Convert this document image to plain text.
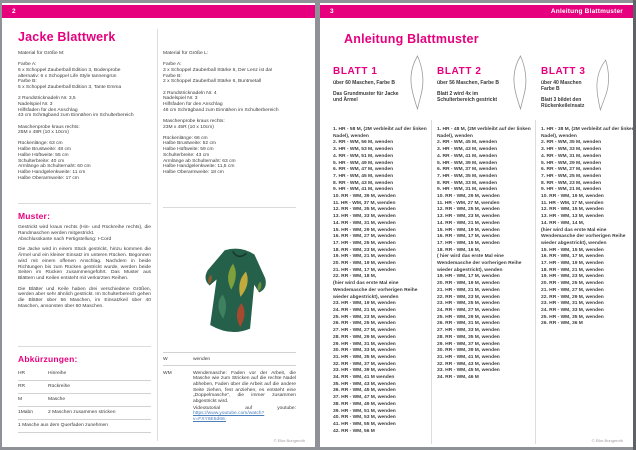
2
Jacke Blattwerk
Material für Größe M:
Farbe A:
6 x Schoppel Zauberball Edition 3, Bodenprobe
alternativ: 6 x Schoppel Life Style tannengrün
Farbe B:
5 x Schoppel Zauberball Edition 3, Tante Emma
2 Rundstricknadeln Nr. 3,5
Nadelspiel Nr. 3
Hilfsfaden für den Anschlag
43 cm Schrägband zum Einnähen im Schulterbereich
Maschenprobe kraus rechts:
25M x 48R (10 x 10cm)
Rückenlänge: 63 cm
Halbe Brustweite: 48 cm
Halbe Hüftweite: 55 cm
Schulterbreite: 40 cm
Armlänge ab Schulternaht: 60 cm
Halbe Handgelenkweite: 11 cm
Halbe Oberarmweite: 17 cm
Muster:

Gestrickt wird kraus rechts (Hin- und Rückreihe rechts), die Randmaschen werden mitgestrickt.

Abschlusskante nach Fertigstellung: I-Cord

Die Jacke wird in einem Stück gestrickt, hinzu kommen die Ärmel und ein kleiner Einsatz im unteren Rücken. Begonnen wird mit einem offenen Anschlag. Nachdem in beide Richtungen bis zum Rücken gestrickt wurde, werden beide Seiten im Rücken zusammengeführt. Das Muster aus Blättern und Keilen entsteht mit verkürzten Reihen.

Die Blätter und Keile haben drei verschiedene Größen, werden aber sehr ähnlich gestrickt. Im Schulterbereich gehen die Blätter über 56 Maschen, im Einsatzkeil über 40 Maschen, ansonsten über 60 Maschen.

Abkürzungen:
HR	Hinreihe
RR	Rückreihe
M	Masche
1Mabn	2 Maschen zusammen stricken
1 Masche aus dem Querfaden zunehmen
Material für Größe L:
Farbe A:
3 x Schoppel Zauberball Stärke 6, Der Lenz ist da!
Farbe B:
2 x Schoppel Zauberball Stärke 6, Buntmetall
2 Rundstricknadeln Nr. 4
Nadelspiel Nr. 3
Hilfsfaden für den Anschlag
46 cm Schrägband zum Einnähen im Schulterbereich
Maschenprobe kraus rechts:
23M x 45R (10 x 10cm)
Rückenlänge: 66 cm
Halbe Brustweite: 52 cm
Halbe Hüftweite: 59 cm
Schulterbreite: 43 cm
Armlänge ab Schulternaht: 63 cm
Halbe Handgelenkweite: 11,5 cm
Halbe Oberarmweite: 18 cm
W	wenden
WM	Wendemasche: Faden vor der Arbeit, die Masche wie zum Stricken auf die rechte Nadel abheben, Faden über die Arbeit auf die andere Seite ziehen, fest anziehen, es entsteht eine „Doppelmasche“, die immer zusammen abgestrickt wird.
Videotutorial auf youtube: https://www.youtube.com/watch?v=FXY6E5d68.
© Elke Bungeroth
3	Anleitung Blattmuster
Anleitung Blattmuster
BLATT 1
über 60 Maschen, Farbe B
Das Grundmuster für Jacke
und Ärmel
1. HR - 58 M, (2M verbleibt auf der linken Nadel), wenden
2. RR - WM, 56 M, wenden
3. HR - WM, 53 M, wenden
4. RR - WM, 51 M, wenden
5. HR - WM, 49 M, wenden
6. RR - WM, 47 M, wenden
7. HR - WM, 45 M, wenden
8. RR - WM, 43 M, wenden
9. HR - WM, 41 M, wenden
10. RR - WM, 39 M, wenden
11. HR - WM, 37 M, wenden
12. RR - WM, 35 M, wenden
13. HR - WM, 33 M, wenden
14. RR - WM, 31 M, wenden
15. HR - WM, 29 M, wenden
16. RR - WM, 27 M, wenden
17. HR - WM, 25 M, wenden
18. RR - WM, 23 M, wenden
19. HR - WM, 21 M, wenden
20. RR - WM, 19 M, wenden
21. HR - WM, 17 M, wenden
22. RR - WM, 18 M,
(hier wird das erste Mal eine Wendemasche der vorherigen Reihe wieder abgestrickt), wenden
23. HR - WM, 19 M, wenden
24. RR - WM, 21 M, wenden
25. HR - WM, 23 M, wenden
26. RR - WM, 25 M, wenden
27. HR - WM, 27 M, wenden
28. RR - WM, 29 M, wenden
29. HR - WM, 31 M, wenden
30. RR - WM, 33 M, wenden
31. HR - WM, 35 M, wenden
32. RR - WM, 37 M, wenden
33. HR - WM, 39 M, wenden
34. RR - WM, 41 M wenden
35. HR - WM, 43 M, wenden
36. RR - WM, 45 M, wenden
37. HR - WM, 47 M, wenden
38. RR - WM, 49 M, wenden
39. HR - WM, 51 M, wenden
40. RR - WM, 53 M, wenden
41. HR - WM, 55 M, wenden
42. RR - WM, 56 M
BLATT 2
über 56 Maschen, Farbe B
Blatt 2 wird 4x im
Schulterbereich gestrickt
1. HR - 48 M, (2M verbleibt auf der linken Nadel), wenden
2. RR - WM, 45 M, wenden
3. HR - WM, 43 M, wenden
4. RR - WM, 41 M, wenden
5. HR - WM, 39 M, wenden
6. RR - WM, 37 M, wenden
7. HR - WM, 35 M, wenden
8. RR - WM, 33 M, wenden
9. HR - WM, 31 M, wenden
10. RR - WM, 29 M, wenden
11. HR - WM, 27 M, wenden
12. RR - WM, 25 M, wenden
13. HR - WM, 23 M, wenden
14. RR - WM, 21 M, wenden
15. HR - WM, 19 M, wenden
16. RR - WM, 17 M, wenden
17. HR - WM, 15 M, wenden
18. RR - WM, 16 M,
( hier wird das erste Mal eine Wendemasche der vorherigen Reihe wieder abgestrickt), wenden
19. HR - WM, 17 M, wenden
20. RR - WM, 19 M, wenden
21. HR - WM, 21 M, wenden
22. RR - WM, 23 M, wenden
23. HR - WM, 25 M, wenden
24. RR - WM, 27 M, wenden
25. HR - WM, 29 M, wenden
26. RR - WM, 31 M, wenden
27. HR - WM, 33 M, wenden
28. RR - WM, 35 M, wenden
29. HR - WM, 37 M, wenden
30. RR - WM, 39 M, wenden
31. HR - WM, 41 M, wenden
32. RR - WM, 43 M, wenden
33. HR - WM, 45 M, wenden
34. RR - WM, 46 M
BLATT 3
über 40 Maschen
Farbe B
Blatt 3 bildet den
Rückenkeileinsatz
1. HR - 38 M, (2M verbleibt auf der linken Nadel), wenden
2. RR - WM, 35 M, wenden
3. HR - WM, 33 M, wenden
4. RR - WM, 31 M, wenden
5. HR - WM, 29 M, wenden
6. RR - WM, 27 M, wenden
7. HR - WM, 25 M, wenden
8. RR - WM, 23 M, wenden
9. HR - WM, 21 M, wenden
10. RR - WM, 19 M, wenden
11. HR - WM, 17 M, wenden
12. RR - WM, 15 M, wenden
13. HR - WM, 13 M, wenden
14. RR - WM, 14 M,
(hier wird das erste Mal eine Wendemasche der vorherigen Reihe wieder abgestrickt), wenden
15. HR - WM, 15 M, wenden
16. RR - WM, 17 M, wenden
17. HR - WM, 19 M, wenden
18. RR - WM, 21 M, wenden
19. HR - WM, 23 M, wenden
20. RR - WM, 25 M, wenden
21. HR - WM, 27 M, wenden
22. RR - WM, 29 M, wenden
23. HR - WM, 31 M, wenden
24. RR - WM, 33 M, wenden
25. HR - WM, 35 M, wenden
26. RR - WM, 36 M
© Elke Bungeroth
